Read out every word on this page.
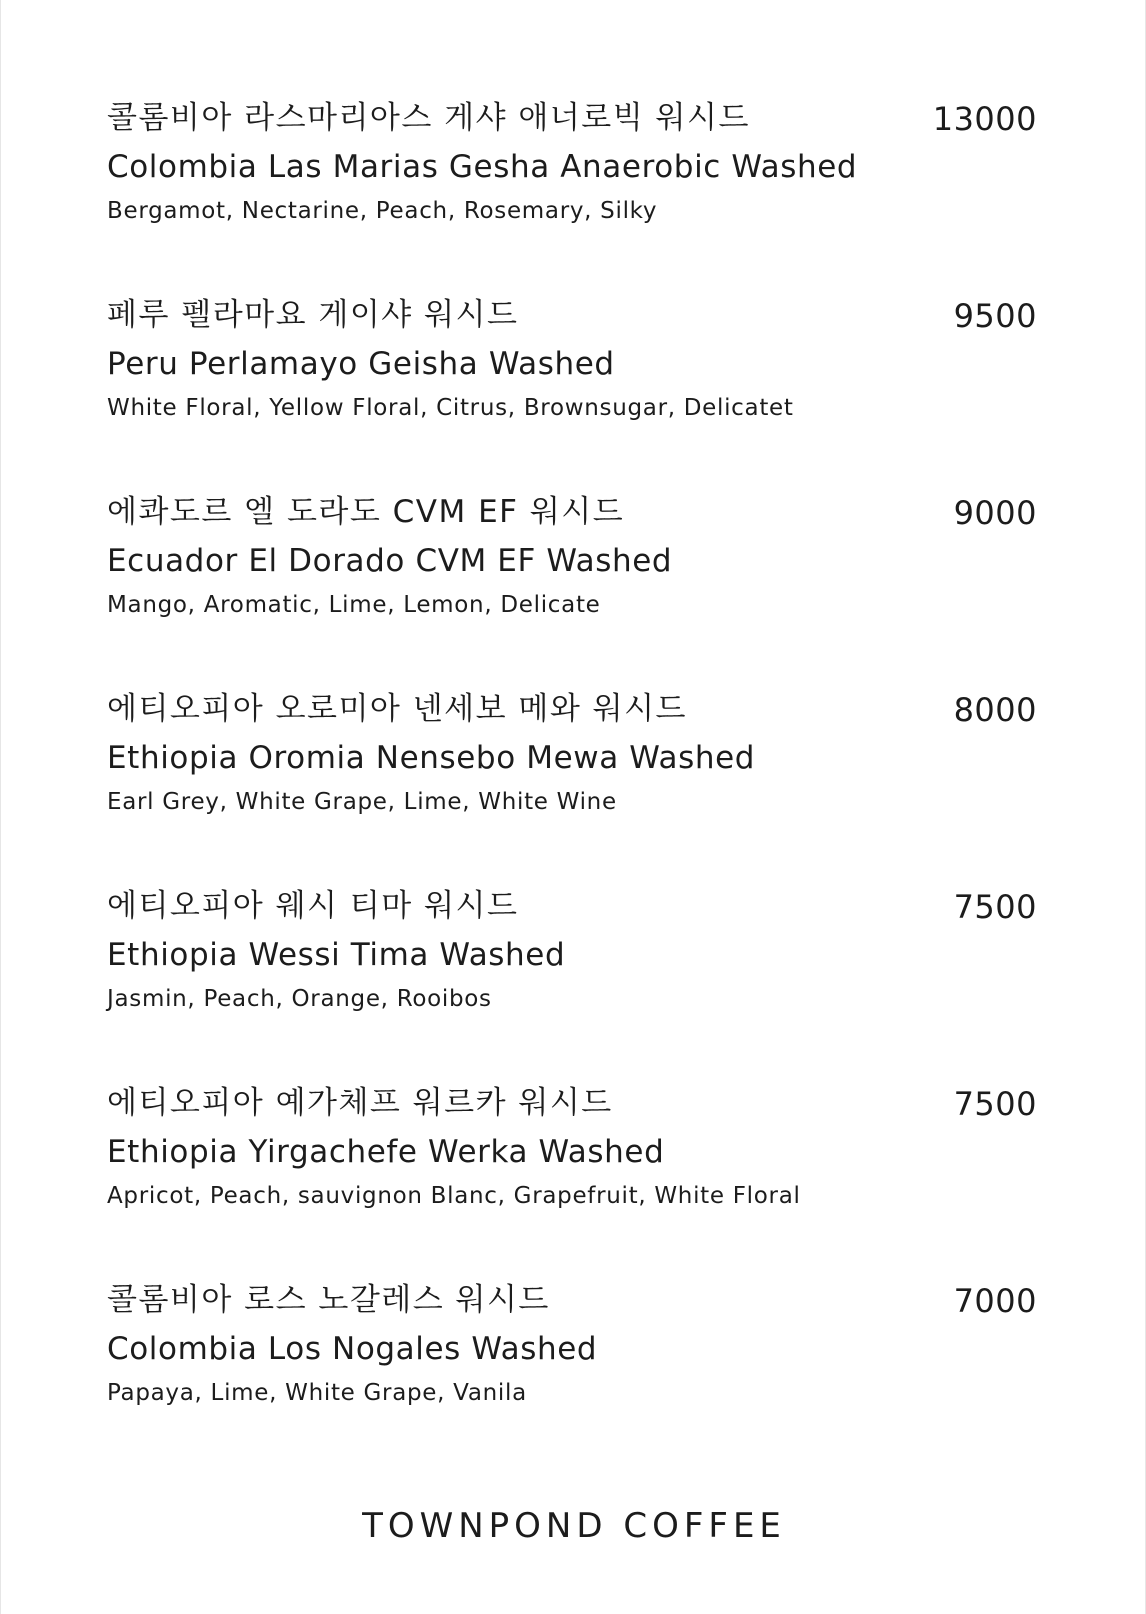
콜롬비아 라스마리아스 게샤 애너로빅 워시드	13000
Colombia Las Marias Gesha Anaerobic Washed
Bergamot, Nectarine, Peach, Rosemary, Silky
페루 펠라마요 게이샤 워시드	9500
Peru Perlamayo Geisha Washed
White Floral, Yellow Floral, Citrus, Brownsugar, Delicatet
에콰도르 엘 도라도 CVM EF 워시드	9000
Ecuador El Dorado CVM EF Washed
Mango, Aromatic, Lime, Lemon, Delicate
에티오피아 오로미아 넨세보 메와 워시드	8000
Ethiopia Oromia Nensebo Mewa Washed
Earl Grey, White Grape, Lime, White Wine
에티오피아 웨시 티마 워시드	7500
Ethiopia Wessi Tima Washed
Jasmin, Peach, Orange, Rooibos
에티오피아 예가체프 워르카 워시드	7500
Ethiopia Yirgachefe Werka Washed
Apricot, Peach, sauvignon Blanc, Grapefruit, White Floral
콜롬비아 로스 노갈레스 워시드	7000
Colombia Los Nogales Washed
Papaya, Lime, White Grape, Vanila
TOWNPOND COFFEE
